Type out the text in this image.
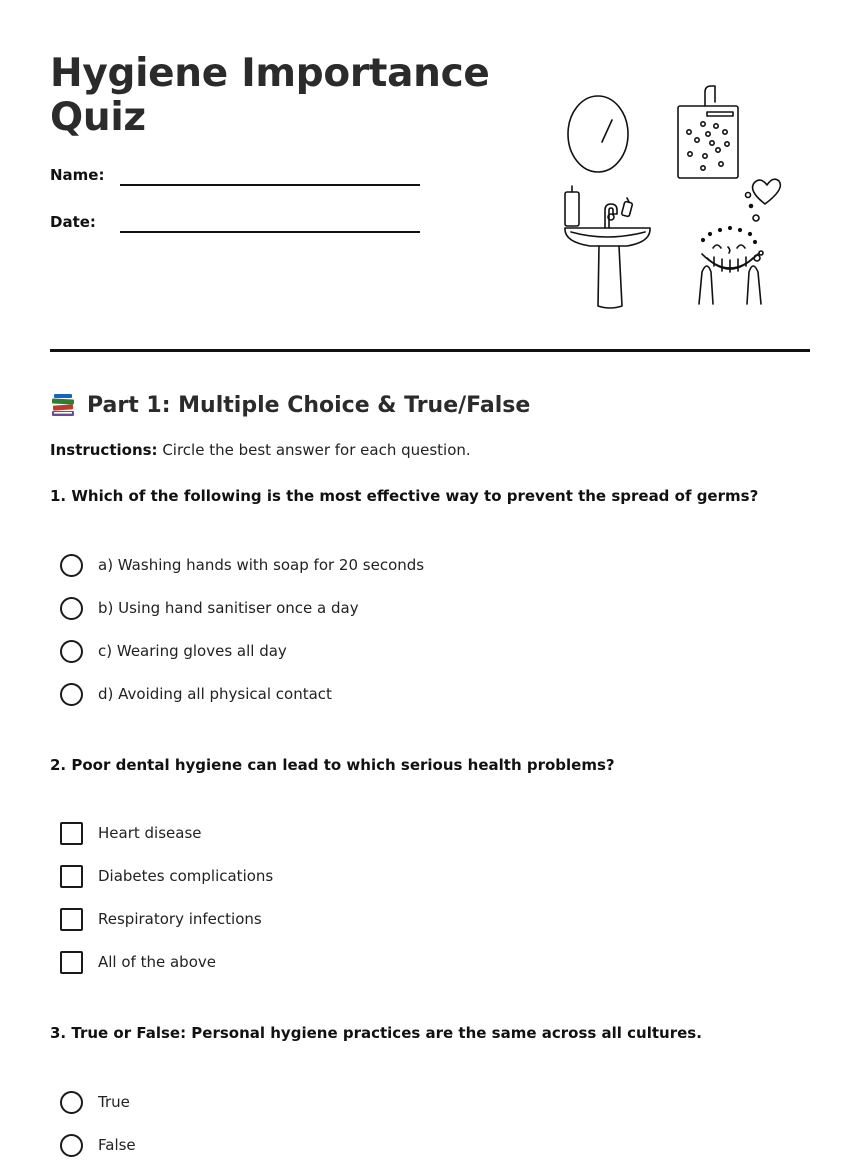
Hygiene Importance
Quiz
Name:
Date:
Part 1: Multiple Choice & True/False
Instructions: Circle the best answer for each question.
1. Which of the following is the most effective way to prevent the spread of germs?
a) Washing hands with soap for 20 seconds
b) Using hand sanitiser once a day
c) Wearing gloves all day
d) Avoiding all physical contact
2. Poor dental hygiene can lead to which serious health problems?
Heart disease
Diabetes complications
Respiratory infections
All of the above
3. True or False: Personal hygiene practices are the same across all cultures.
True
False
